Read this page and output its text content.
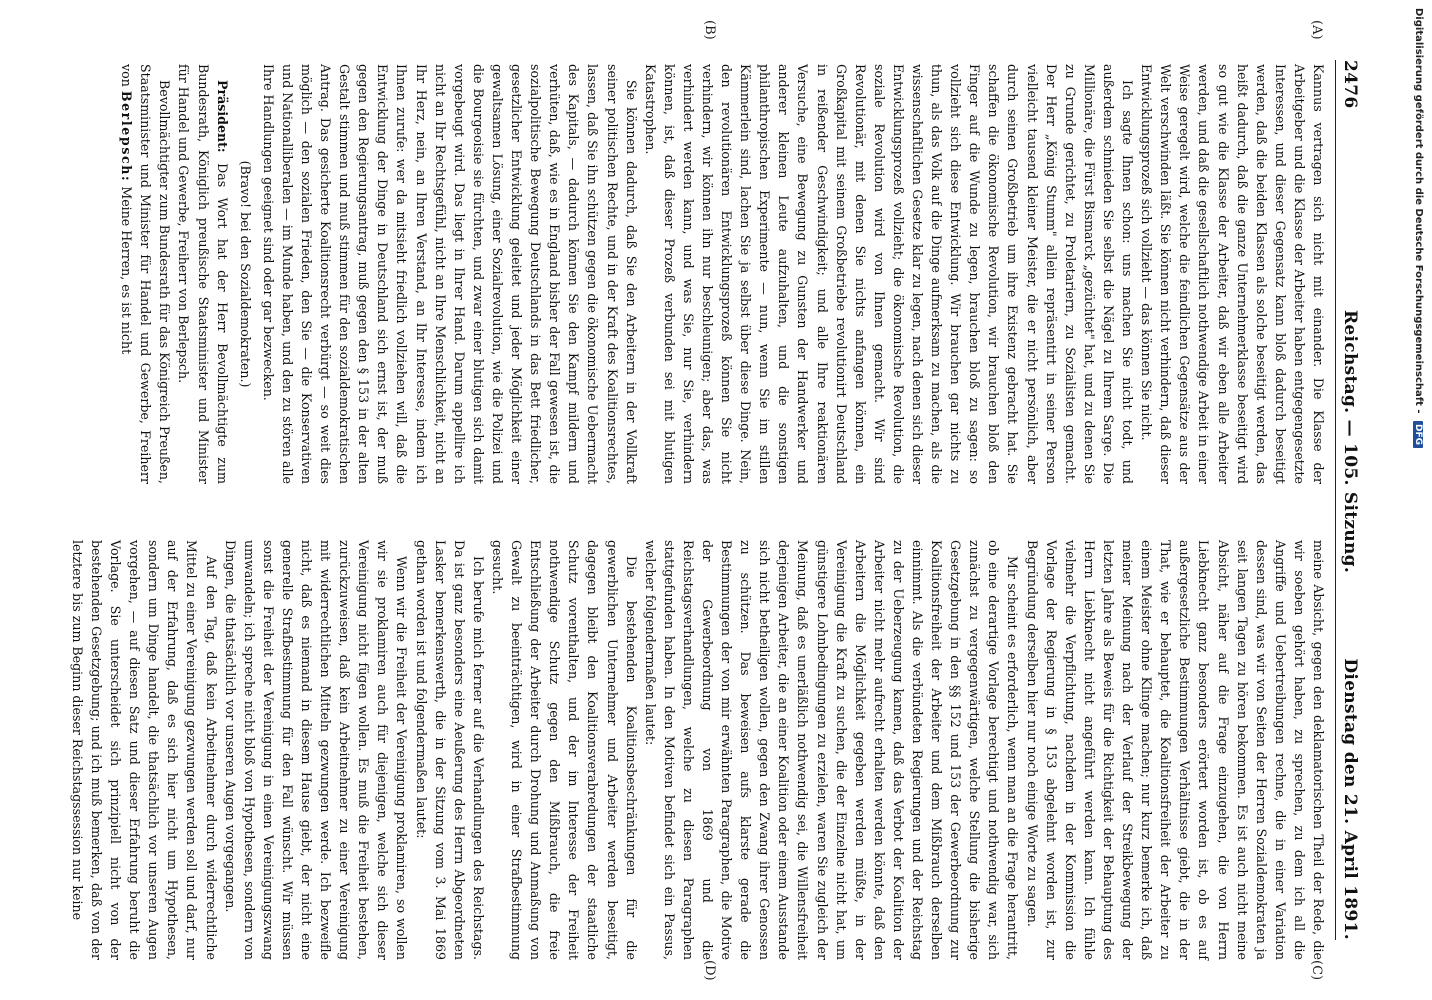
2476
Reichstag. — 105. Sitzung.
Dienstag den 21. April 1891.
(A)
(B)
(C)
(D)

Kannus vertragen sich nicht mit einander. Die Klasse der Arbeitgeber und die Klasse der Arbeiter haben entgegengesetzte Interessen, und dieser Gegensatz kann bloß dadurch beseitigt werden, daß die beiden Klassen als solche beseitigt werden, das heißt dadurch, daß die ganze Unternehmerklasse beseitigt wird so gut wie die Klasse der Arbeiter, daß wir eben alle Arbeiter werden, und daß die gesellschaftlich nothwendige Arbeit in einer Weise geregelt wird, welche die feindlichen Gegensätze aus der Welt verschwinden läßt. Sie können nicht verhindern, daß dieser Entwicklungsprozeß sich vollzieht — das können Sie nicht.

Ich sagte Ihnen schon: uns machen Sie nicht todt, und außerdem schmieden Sie selbst die Nägel zu Ihrem Sarge. Die Millionäre, die Fürst Bismarck „gezüchtet" hat, und zu denen Sie zu Grunde gerichtet, zu Proletariern, zu Sozialisten gemacht. Der Herr „König Stumm" allein repräsentirt in seiner Person vielleicht tausend kleiner Meister, die er nicht persönlich, aber durch seinen Großbetrieb um ihre Existenz gebracht hat. Sie schaffen die ökonomische Revolution, wir brauchen bloß den Finger auf die Wunde zu legen, brauchen bloß zu sagen: so vollzieht sich diese Entwicklung. Wir brauchen gar nichts zu thun, als das Volk auf die Dinge aufmerksam zu machen, als die wissenschaftlichen Gesetze klar zu legen, nach denen sich dieser Entwicklungsprozeß vollzieht; die ökonomische Revolution, die soziale Revolution wird von Ihnen gemacht. Wir sind Revolutionär, mit denen Sie nichts anfangen können, ein Großkapital mit seinem Großbetriebe revolutionirt Deutschland in reißender Geschwindigkeit; und alle Ihre reaktionären Versuche, eine Bewegung zu Gunsten der Handwerker und anderer kleinen Leute aufzuhalten, und die sonstigen philanthropischen Experimente — nun, wenn Sie im stillen Kämmerlein sind, lachen Sie ja selbst über diese Dinge. Nein, den revolutionären Entwicklungsprozeß können Sie nicht verhindern, wir können ihn nur beschleunigen; aber das, was verhindert werden kann, und was Sie, nur Sie, verhindern können, ist, daß dieser Prozeß verbunden sei mit blutigen Katastrophen.

Sie können dadurch, daß Sie den Arbeitern in der Vollkraft seiner politischen Rechte, und in der Kraft des Koalitionsrechtes, lassen, daß Sie ihn schützen gegen die ökonomische Uebermacht des Kapitals, — dadurch können Sie den Kampf mildern und verhüten, daß, wie es in England bisher der Fall gewesen ist, die sozialpolitische Bewegung Deutschlands in das Bett friedlicher, gesetzlicher Entwicklung geleitet und jeder Möglichkeit einer gewaltsamen Lösung, einer Sozialrevolution, wie die Polizei und die Bourgeoisie sie fürchten, und zwar einer blutigen sich damit vorgebeugt wird. Das liegt in Ihrer Hand. Darum appellire ich nicht an Ihr Rechtsgefühl, nicht an Ihre Menschlichkeit, nicht an Ihr Herz, nein, an Ihren Verstand, an Ihr Interesse, indem ich Ihnen zurufe: wer da mitsieht friedlich vollziehen will, daß die Entwicklung der Dinge in Deutschland sich ernst ist, der muß gegen den Regierungsantrag, muß gegen den § 153 in der alten Gestalt stimmen und muß stimmen für den sozialdemokratischen Antrag. Das gesicherte Koalitionsrecht verbürgt — so weit dies möglich — den sozialen Frieden, den Sie — die Konservativen und Nationalliberalen — im Munde haben, und den zu stören alle Ihre Handlungen geeignet sind oder gar bezwecken.

(Bravo! bei den Sozialdemokraten.)

Präsident: Das Wort hat der Herr Bevollmächtigte zum Bundesrath, Königlich preußische Staatsminister und Minister für Handel und Gewerbe, Freiherr von Berlepsch.

Bevollmächtigter zum Bundesrath für das Königreich Preußen, Staatsminister und Minister für Handel und Gewerbe, Freiherr von Berlepsch: Meine Herren, es ist nicht

meine Absicht, gegen den deklamatorischen Theil der Rede, die wir soeben gehört haben, zu sprechen, zu dem ich all die Angriffe und Uebertreibungen rechne, die in einer Variation dessen sind, was wir von Seiten der Herren Sozialdemokraten ja seit langen Tagen zu hören bekommen. Es ist auch nicht meine Absicht, näher auf die Frage einzugehen, die von Herrn Liebknecht ganz besonders erörtert worden ist, ob es auf außergesetzliche Bestimmungen Verhältnisse giebt, die in der That, wie er behauptet, die Koalitionsfreiheit der Arbeiter zu einem Meister ohne Klinge machen; nur kurz bemerke ich, daß meiner Meinung nach der Verlauf der Streikbewegung der letzten Jahre als Beweis für die Richtigkeit der Behauptung des Herrn Liebknecht nicht angeführt werden kann. Ich fühle vielmehr die Verpflichtung, nachdem in der Kommission die Vorlage der Regierung in § 153 abgelehnt worden ist, zur Begründung derselben hier nur noch einige Worte zu sagen.

Mir scheint es erforderlich, wenn man an die Frage herantritt, ob eine derartige Vorlage berechtigt und nothwendig war, sich zunächst zu vergegenwärtigen, welche Stellung die bisherige Gesetzgebung in den §§ 152 und 153 der Gewerbeordnung zur Koalitionsfreiheit der Arbeiter und dem Mißbrauch derselben einnimmt. Als die verbündeten Regierungen und der Reichstag zu der Ueberzeugung kamen, daß das Verbot der Koalition der Arbeiter nicht mehr aufrecht erhalten werden könnte, daß den Arbeitern die Möglichkeit gegeben werden müßte, in der Vereinigung die Kraft zu suchen, die der Einzelne nicht hat, um günstigere Lohnbedingungen zu erzielen, waren Sie zugleich der Meinung, daß es unerläßlich nothwendig sei, die Willensfreiheit derjenigen Arbeiter, die an einer Koalition oder einem Ausstande sich nicht betheiligen wollen, gegen den Zwang ihrer Genossen zu schützen. Das beweisen aufs klarste gerade die Bestimmungen der von mir erwähnten Paragraphen, die Motive der Gewerbeordnung von 1869 und die Reichstagsverhandlungen, welche zu diesen Paragraphen stattgefunden haben. In den Motiven befindet sich ein Passus, welcher folgendermaßen lautet:

Die bestehenden Koalitionsbeschränkungen für die gewerblichen Unternehmer und Arbeiter werden beseitigt, dagegen bleibt den Koalitionsverabredungen der staatliche Schutz vorenthalten, und der im Interesse der Freiheit nothwendige Schutz gegen den Mißbrauch, die freie Entschließung der Arbeiter durch Drohung und Anmaßung von Gewalt zu beeinträchtigen, wird in einer Strafbestimmung gesucht.

Ich berufe mich ferner auf die Verhandlungen des Reichstags. Da ist ganz besonders eine Aeußerung des Herrn Abgeordneten Lasker bemerkenswerth, die in der Sitzung vom 3. Mai 1869 gethan worden ist und folgendermaßen lautet:

Wenn wir die Freiheit der Vereinigung proklamiren, so wollen wir sie proklamiren auch für diejenigen, welche sich dieser Vereinigung nicht fügen wollen. Es muß die Freiheit bestehen, zurückzuweisen, daß kein Arbeitnehmer zu einer Vereinigung mit widerrechtlichen Mitteln gezwungen werde. Ich bezweifle nicht, daß es niemand in diesem Hause giebt, der nicht eine generelle Strafbestimmung für den Fall wünscht. Wir müssen sonst die Freiheit der Vereinigung in einen Vereinigungszwang umwandeln; ich spreche nicht bloß von Hypothesen, sondern von Dingen, die thatsächlich vor unseren Augen vorgegangen.

Auf den Tag, daß kein Arbeitnehmer durch widerrechtliche Mittel zu einer Vereinigung gezwungen werden soll und darf, nur auf der Erfahrung, daß es sich hier nicht um Hypothesen, sondern um Dinge handelt, die thatsächlich vor unseren Augen vorgehen, — auf diesen Satz und dieser Erfahrung beruht die Vorlage. Sie unterscheidet sich prinzipiell nicht von der bestehenden Gesetzgebung; und ich muß bemerken, daß von der letztere bis zum Beginn dieser Reichstagssession nur keine

Digitalisierung gefördert durch die Deutsche Forschungsgemeinschaft - DFG
